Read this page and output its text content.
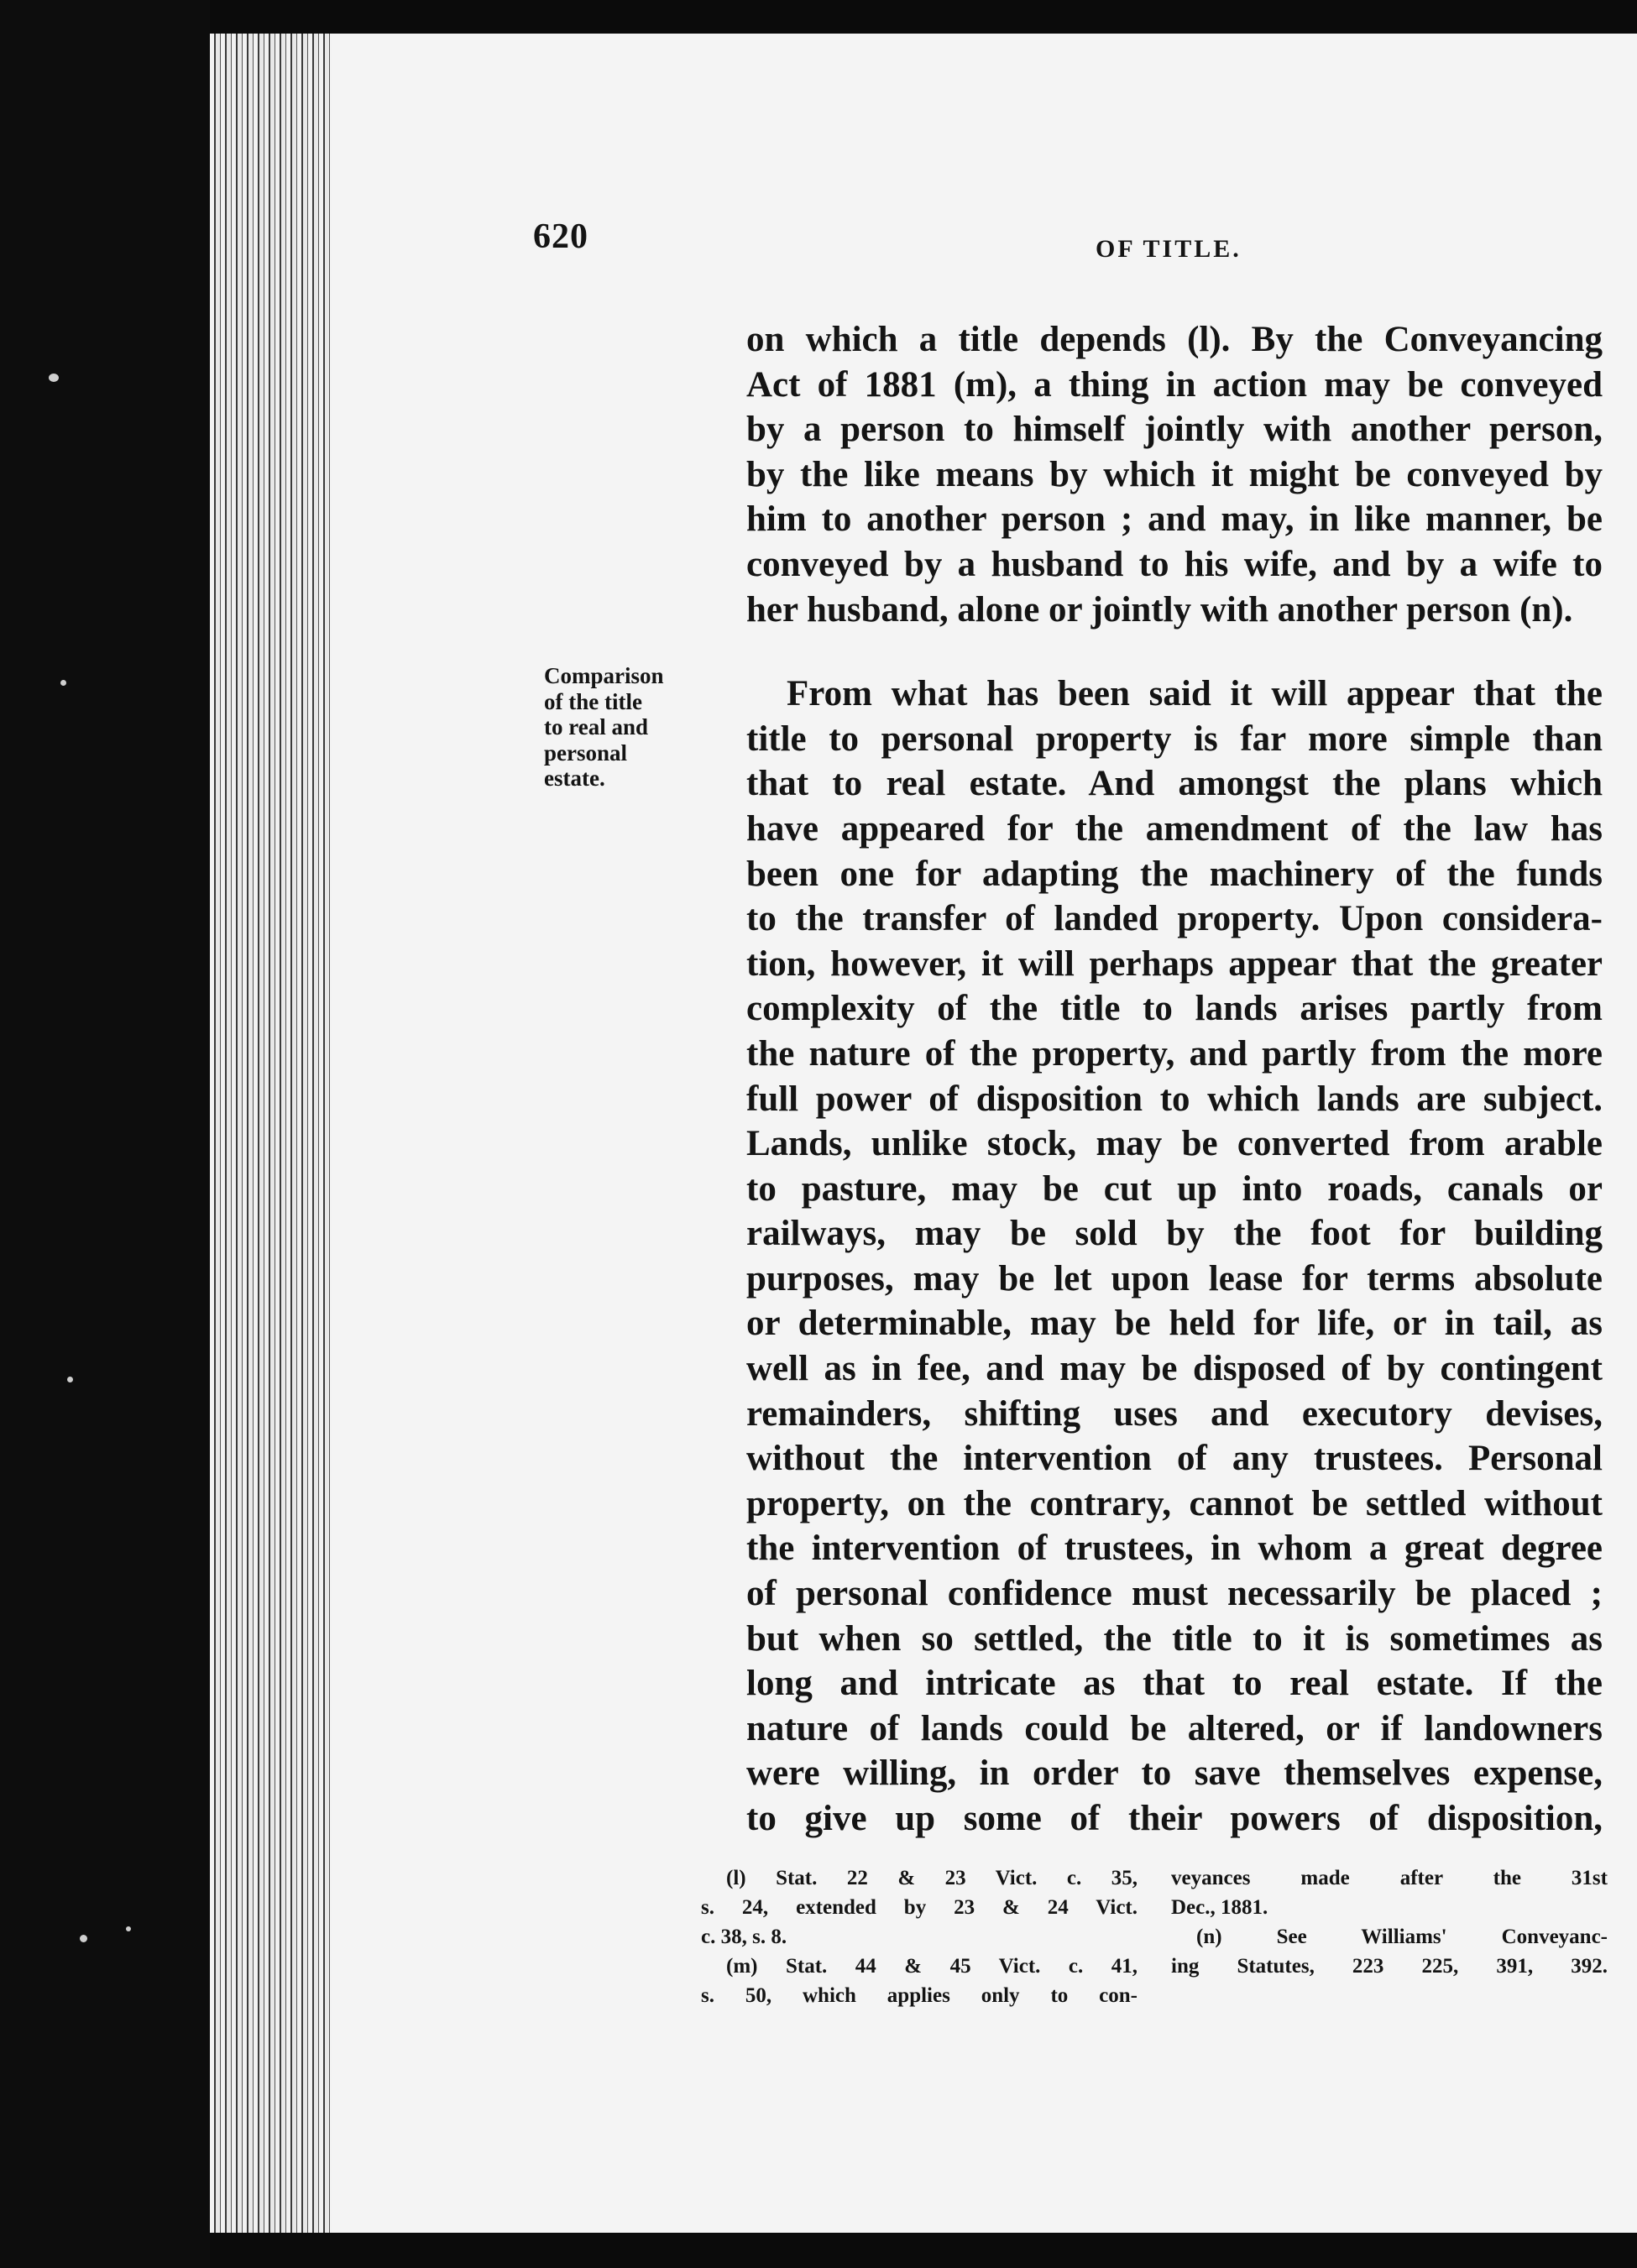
620	OF TITLE.
Comparison
of the title
to real and
personal
estate.
on which a title depends (l). By the Conveyancing
Act of 1881 (m), a thing in action may be conveyed
by a person to himself jointly with another person,
by the like means by which it might be conveyed by
him to another person ; and may, in like manner, be
conveyed by a husband to his wife, and by a wife to
her husband, alone or jointly with another person (n).
From what has been said it will appear that the
title to personal property is far more simple than
that to real estate. And amongst the plans which
have appeared for the amendment of the law has
been one for adapting the machinery of the funds
to the transfer of landed property. Upon considera-
tion, however, it will perhaps appear that the greater
complexity of the title to lands arises partly from
the nature of the property, and partly from the more
full power of disposition to which lands are subject.
Lands, unlike stock, may be converted from arable
to pasture, may be cut up into roads, canals or
railways, may be sold by the foot for building
purposes, may be let upon lease for terms absolute
or determinable, may be held for life, or in tail, as
well as in fee, and may be disposed of by contingent
remainders, shifting uses and executory devises,
without the intervention of any trustees. Personal
property, on the contrary, cannot be settled without
the intervention of trustees, in whom a great degree
of personal confidence must necessarily be placed ;
but when so settled, the title to it is sometimes as
long and intricate as that to real estate. If the
nature of lands could be altered, or if landowners
were willing, in order to save themselves expense,
to give up some of their powers of disposition,
(l) Stat. 22 & 23 Vict. c. 35,
s. 24, extended by 23 & 24 Vict.
c. 38, s. 8.
(m) Stat. 44 & 45 Vict. c. 41,
s. 50, which applies only to con-
veyances made after the 31st
Dec., 1881.
(n) See Williams' Conveyanc-
ing Statutes, 223 225, 391, 392.
